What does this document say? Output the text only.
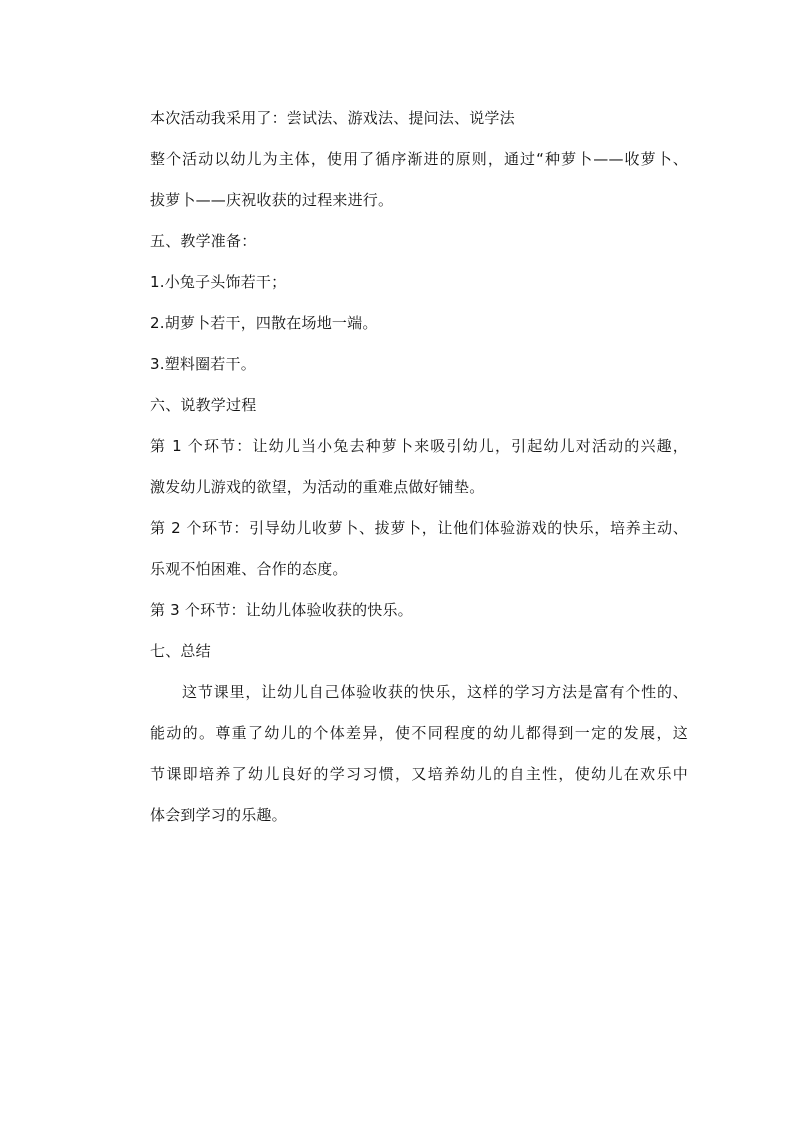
本次活动我采用了：尝试法、游戏法、提问法、说学法
整个活动以幼儿为主体，使用了循序渐进的原则，通过“种萝卜——收萝卜、
拔萝卜——庆祝收获的过程来进行。
五、教学准备：
1.小兔子头饰若干；
2.胡萝卜若干，四散在场地一端。
3.塑料圈若干。
六、说教学过程
第 1 个环节：让幼儿当小兔去种萝卜来吸引幼儿，引起幼儿对活动的兴趣，
激发幼儿游戏的欲望，为活动的重难点做好铺垫。
第 2 个环节：引导幼儿收萝卜、拔萝卜，让他们体验游戏的快乐，培养主动、
乐观不怕困难、合作的态度。
第 3 个环节：让幼儿体验收获的快乐。
七、总结
这节课里，让幼儿自己体验收获的快乐，这样的学习方法是富有个性的、
能动的。尊重了幼儿的个体差异，使不同程度的幼儿都得到一定的发展，这
节课即培养了幼儿良好的学习习惯，又培养幼儿的自主性，使幼儿在欢乐中
体会到学习的乐趣。
